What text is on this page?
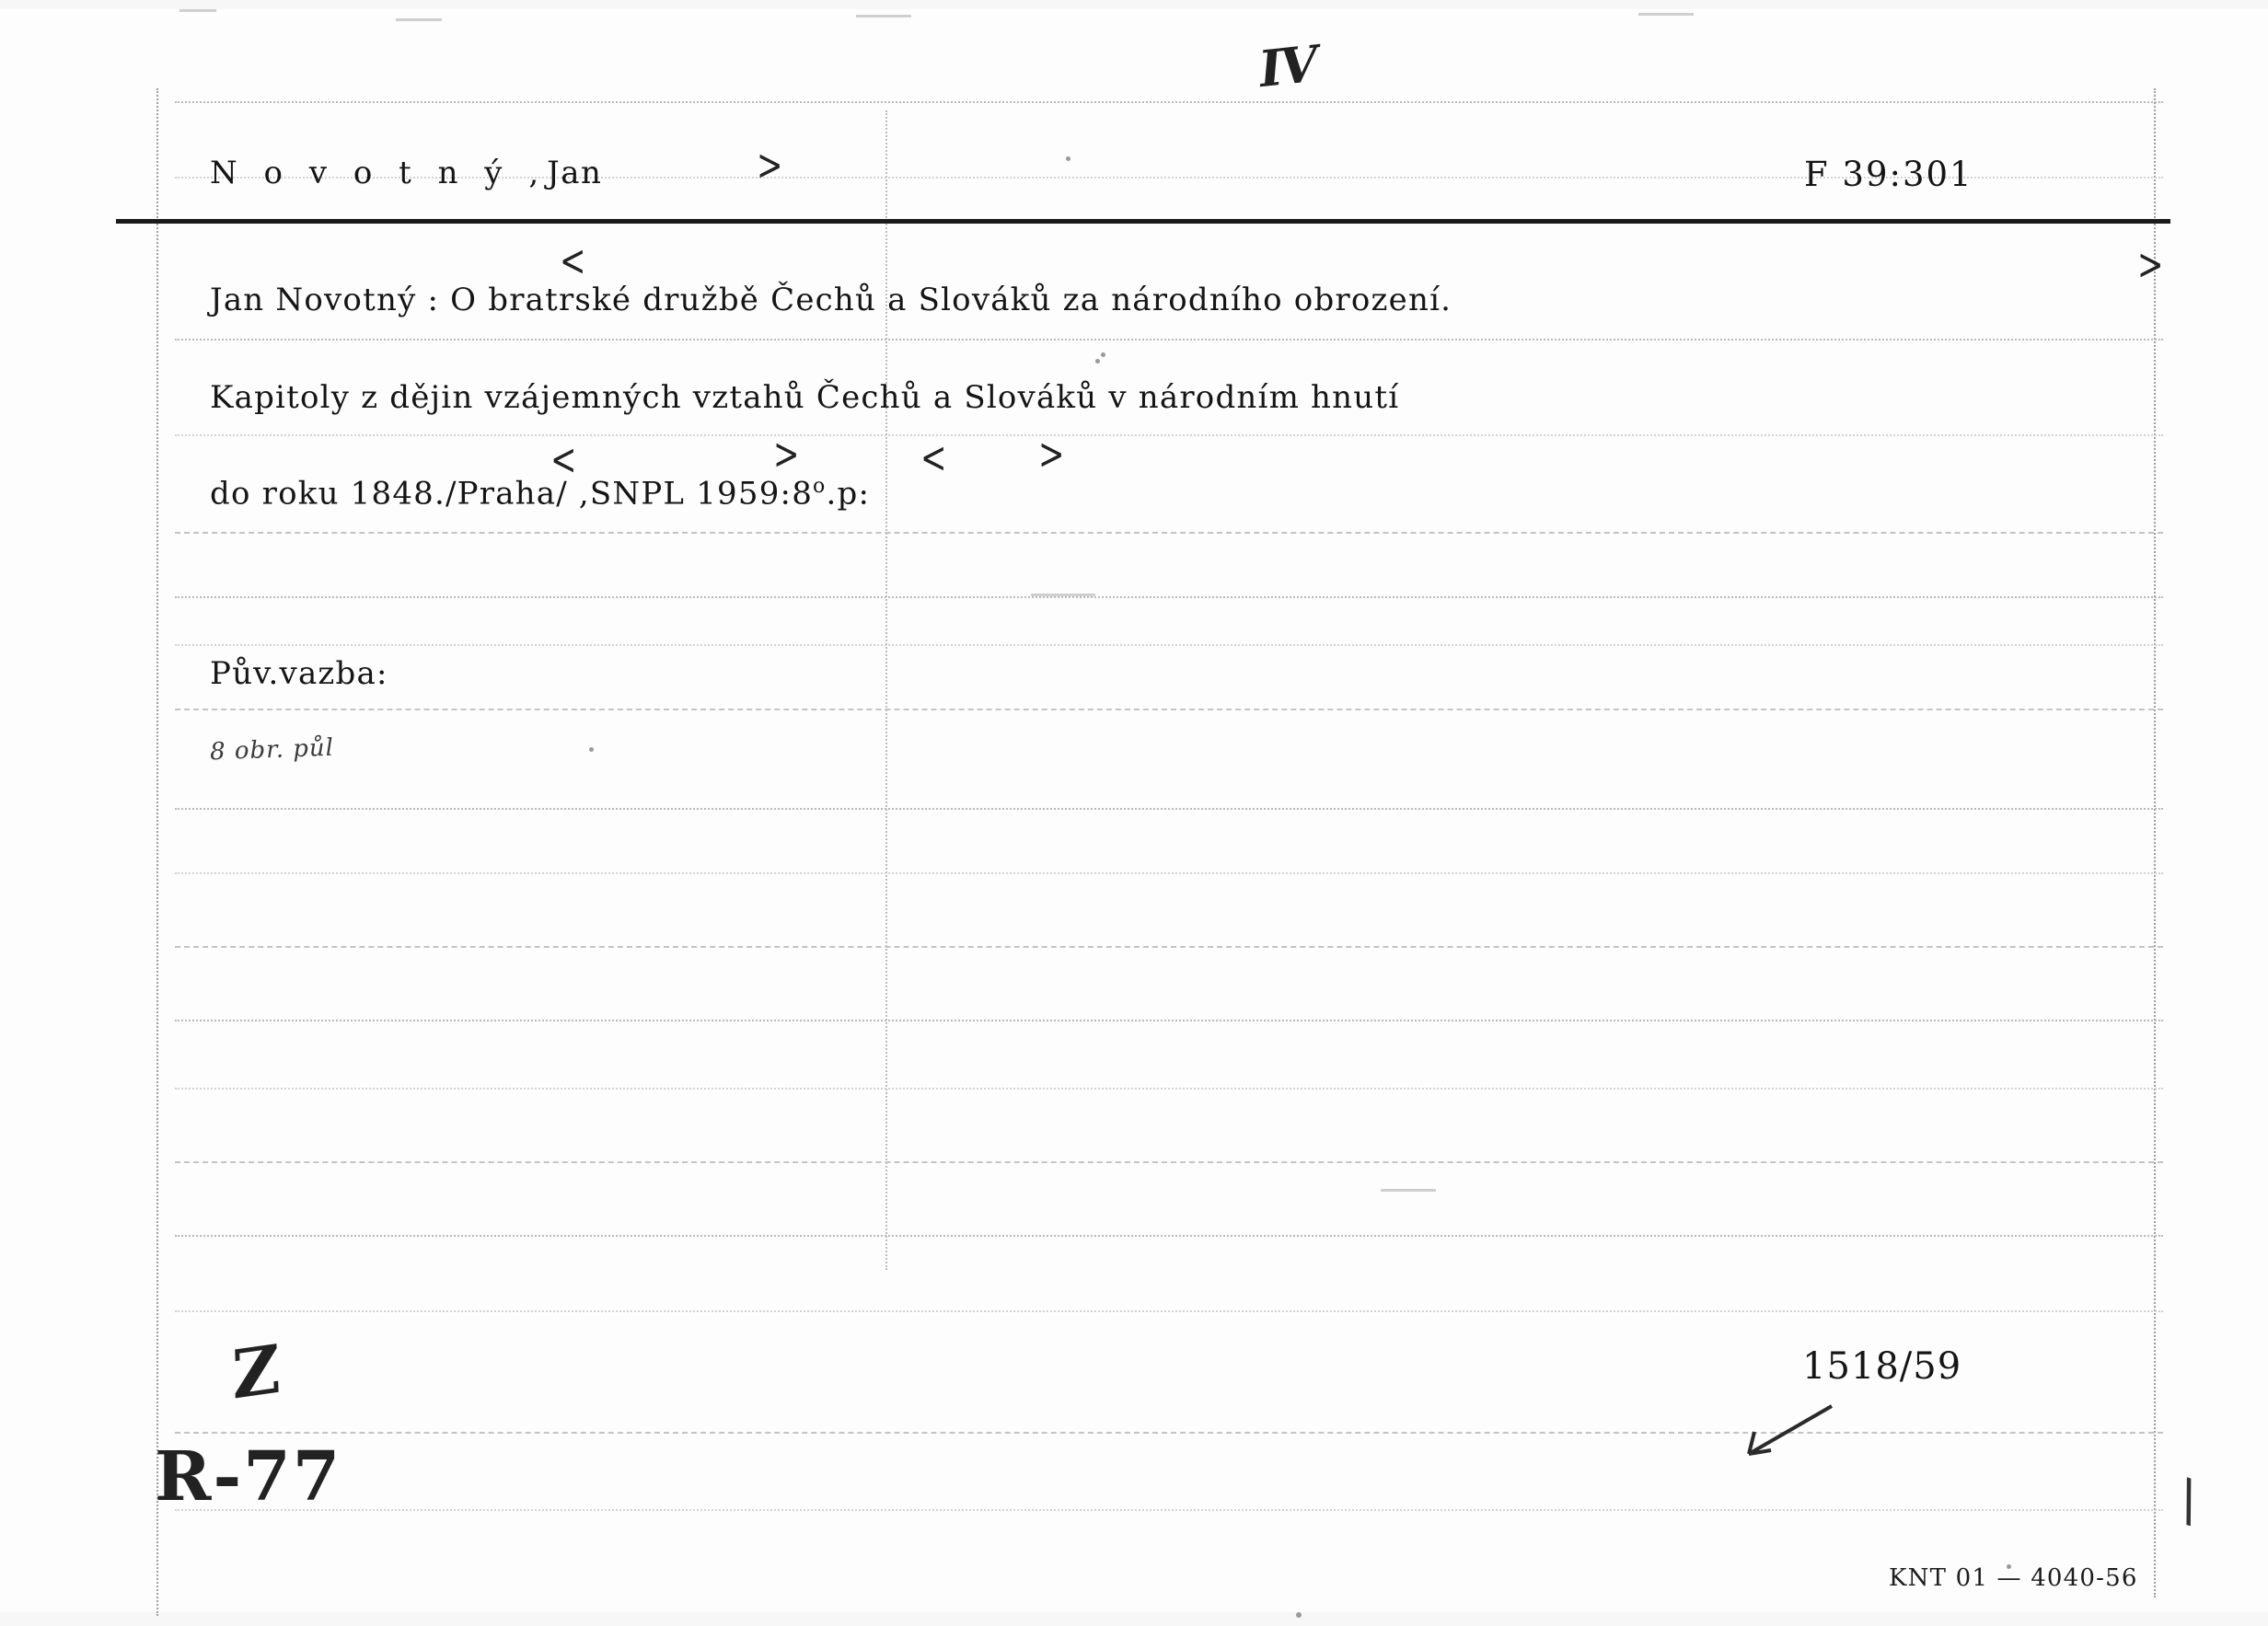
IV
N o v o t n ý ,Jan	>	F 39:301
<	>
Jan Novotný : O bratrské družbě Čechů a Slováků za národního obrození.
Kapitoly z dějin vzájemných vztahů Čechů a Slováků v národním hnutí
<	>	<	>
do roku 1848./Praha/ ,SNPL 1959:8$^o$.p:
Pův.vazba:
8 obr. půl
Z
R-77
1518/59
\
KNT 01 — 4040-56
